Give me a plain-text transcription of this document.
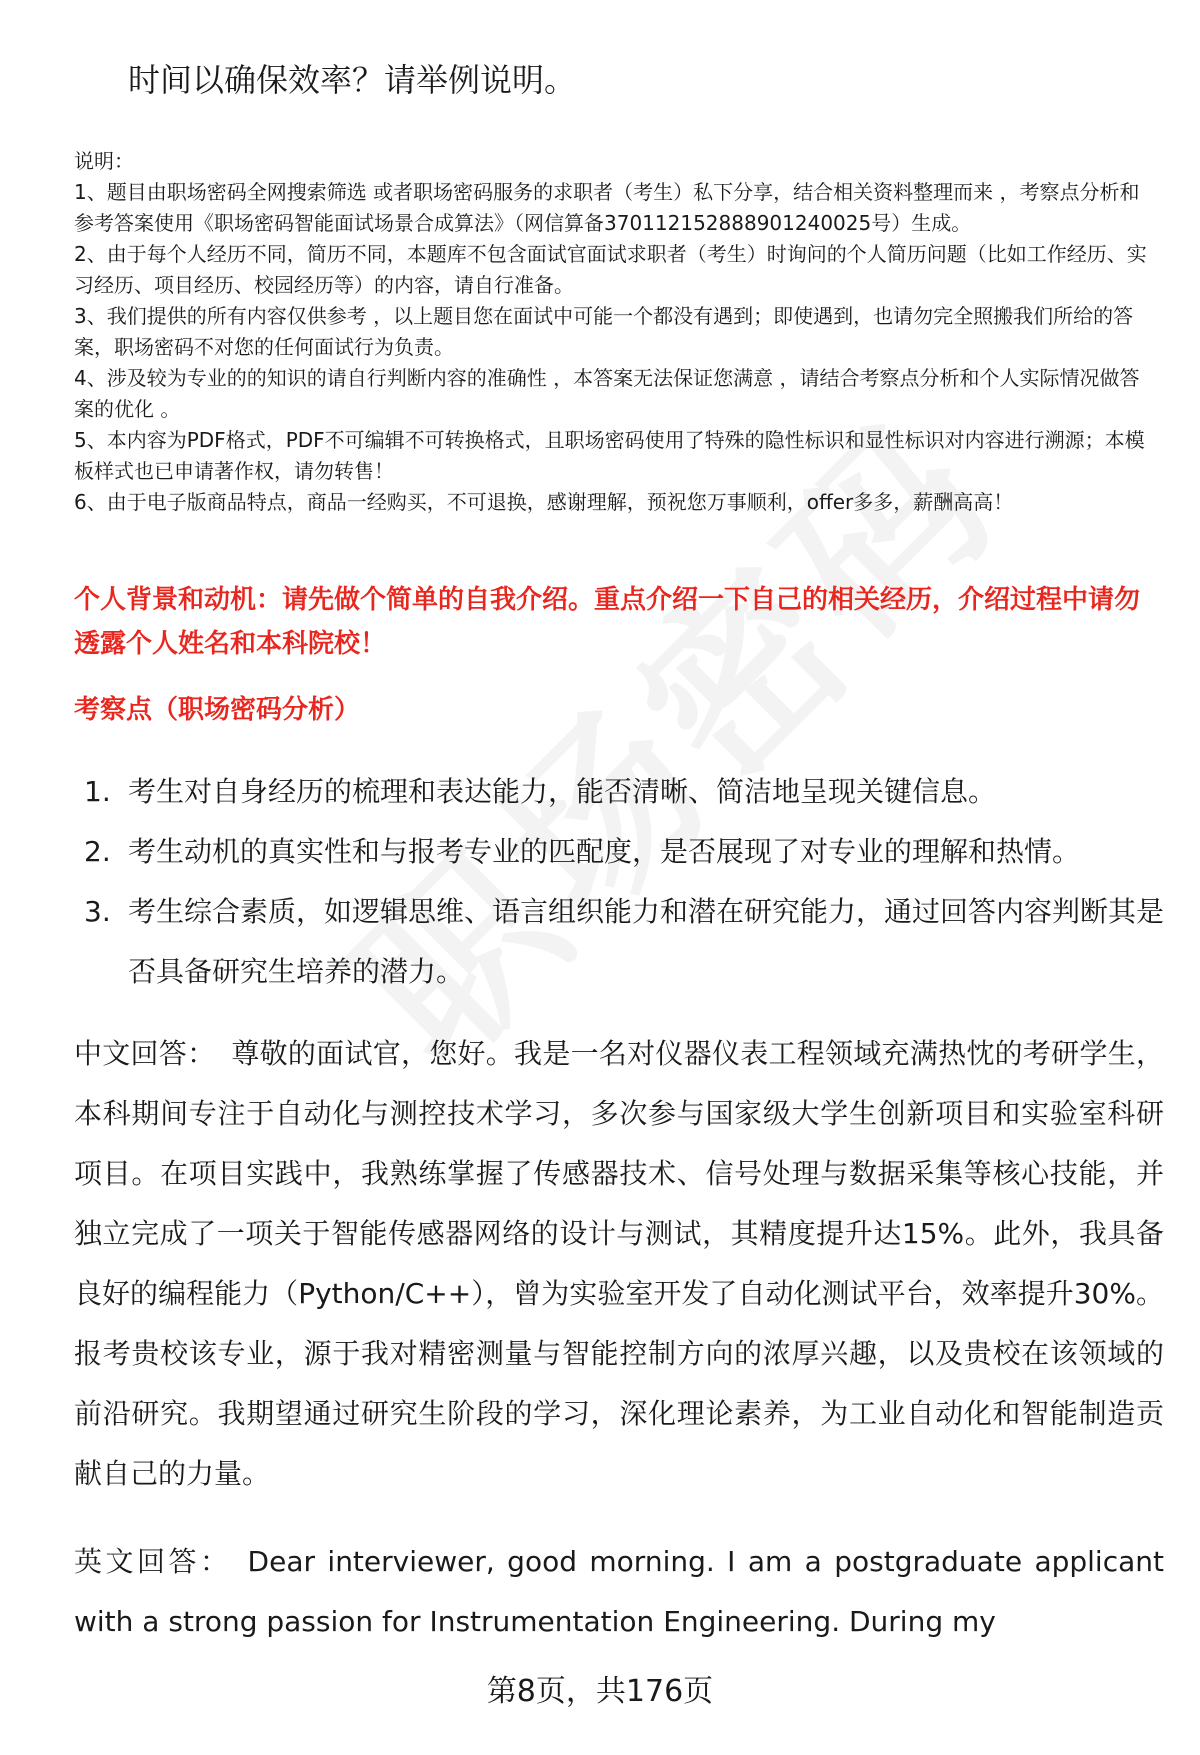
时间以确保效率？请举例说明。

说明：

1、题目由职场密码全网搜索筛选 或者职场密码服务的求职者（考生）私下分享，结合相关资料整理而来 ，考察点分析和参考答案使用《职场密码智能面试场景合成算法》（网信算备370112152888901240025号）生成。

2、由于每个人经历不同，简历不同，本题库不包含面试官面试求职者（考生）时询问的个人简历问题（比如工作经历、实习经历、项目经历、校园经历等）的内容，请自行准备。

3、我们提供的所有内容仅供参考 ，以上题目您在面试中可能一个都没有遇到；即使遇到，也请勿完全照搬我们所给的答案，职场密码不对您的任何面试行为负责。

4、涉及较为专业的的知识的请自行判断内容的准确性 ，本答案无法保证您满意 ，请结合考察点分析和个人实际情况做答案的优化 。

5、本内容为PDF格式，PDF不可编辑不可转换格式，且职场密码使用了特殊的隐性标识和显性标识对内容进行溯源；本模板样式也已申请著作权，请勿转售！

6、由于电子版商品特点，商品一经购买，不可退换，感谢理解，预祝您万事顺利，offer多多，薪酬高高！

个人背景和动机：请先做个简单的自我介绍。重点介绍一下自己的相关经历，介绍过程中请勿透露个人姓名和本科院校！
考察点（职场密码分析）
1. 考生对自身经历的梳理和表达能力，能否清晰、简洁地呈现关键信息。
2. 考生动机的真实性和与报考专业的匹配度，是否展现了对专业的理解和热情。
3. 考生综合素质，如逻辑思维、语言组织能力和潜在研究能力，通过回答内容判断其是否具备研究生培养的潜力。
中文回答： 尊敬的面试官，您好。我是一名对仪器仪表工程领域充满热忱的考研学生，本科期间专注于自动化与测控技术学习，多次参与国家级大学生创新项目和实验室科研项目。在项目实践中，我熟练掌握了传感器技术、信号处理与数据采集等核心技能，并独立完成了一项关于智能传感器网络的设计与测试，其精度提升达15%。此外，我具备良好的编程能力（Python/C++），曾为实验室开发了自动化测试平台，效率提升30%。报考贵校该专业，源于我对精密测量与智能控制方向的浓厚兴趣，以及贵校在该领域的前沿研究。我期望通过研究生阶段的学习，深化理论素养，为工业自动化和智能制造贡献自己的力量。
英文回答： Dear interviewer, good morning. I am a postgraduate applicant with a strong passion for Instrumentation Engineering. During my
第8页，共176页
